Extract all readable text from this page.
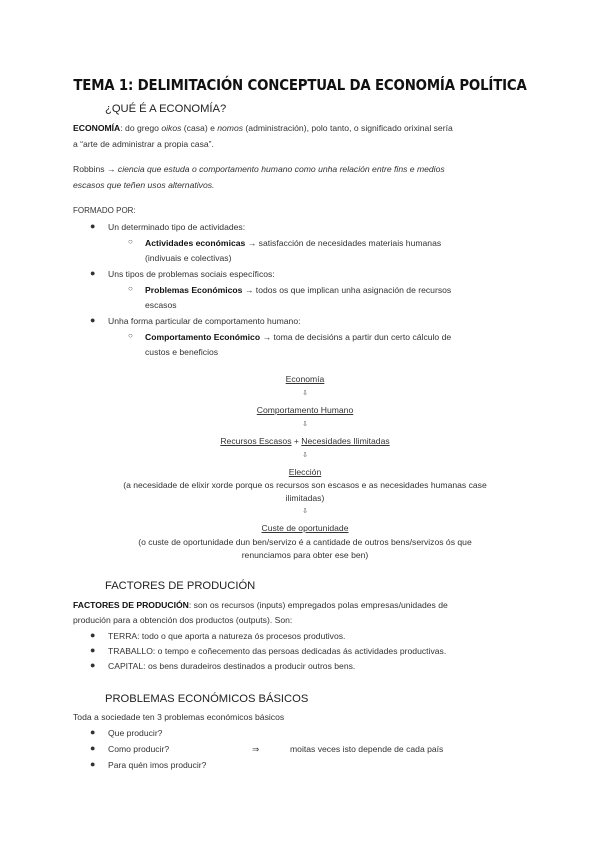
TEMA 1: DELIMITACIÓN CONCEPTUAL DA ECONOMÍA POLÍTICA
¿QUÉ É A ECONOMÍA?
ECONOMÍA: do grego oikos (casa) e nomos (administración), polo tanto, o significado orixinal sería
a “arte de administrar a propia casa”.
Robbins → ciencia que estuda o comportamento humano como unha relación entre fins e medios
escasos que teñen usos alternativos.
FORMADO POR:
● Un determinado tipo de actividades:
○ Actividades económicas → satisfacción de necesidades materiais humanas
(indivuais e colectivas)
● Uns tipos de problemas sociais específicos:
○ Problemas Económicos → todos os que implican unha asignación de recursos
escasos
● Unha forma particular de comportamento humano:
○ Comportamento Económico → toma de decisións a partir dun certo cálculo de
custos e beneficios
Economía
⇩
Comportamento Humano
⇩
Recursos Escasos + Necesidades Ilimitadas
⇩
Elección
(a necesidade de elixir xorde porque os recursos son escasos e as necesidades humanas case
ilimitadas)
⇩
Custe de oportunidade
(o custe de oportunidade dun ben/servizo é a cantidade de outros bens/servizos ós que
renunciamos para obter ese ben)
FACTORES DE PRODUCIÓN
FACTORES DE PRODUCIÓN: son os recursos (inputs) empregados polas empresas/unidades de
produción para a obtención dos productos (outputs). Son:
● TERRA: todo o que aporta a natureza ós procesos produtivos.
● TRABALLO: o tempo e coñecemento das persoas dedicadas ás actividades productivas.
● CAPITAL: os bens duradeiros destinados a producir outros bens.
PROBLEMAS ECONÓMICOS BÁSICOS
Toda a sociedade ten 3 problemas económicos básicos
● Que producir?
● Como producir?	⇒	moitas veces isto depende de cada país
● Para quén imos producir?
